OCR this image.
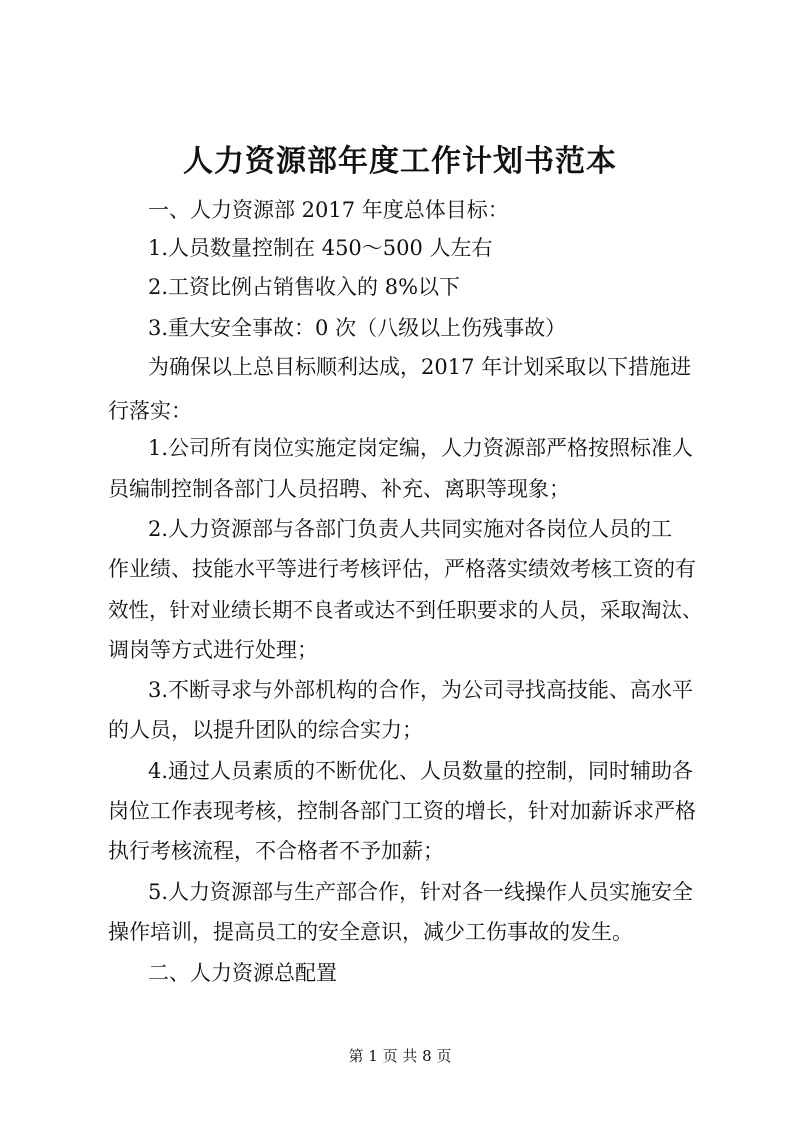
人力资源部年度工作计划书范本
一、人力资源部 2017 年度总体目标：
1.人员数量控制在 450～500 人左右
2.工资比例占销售收入的 8%以下
3.重大安全事故：0 次（八级以上伤残事故）
为确保以上总目标顺利达成，2017 年计划采取以下措施进
行落实：
1.公司所有岗位实施定岗定编，人力资源部严格按照标准人
员编制控制各部门人员招聘、补充、离职等现象；
2.人力资源部与各部门负责人共同实施对各岗位人员的工
作业绩、技能水平等进行考核评估，严格落实绩效考核工资的有
效性，针对业绩长期不良者或达不到任职要求的人员，采取淘汰、
调岗等方式进行处理；
3.不断寻求与外部机构的合作，为公司寻找高技能、高水平
的人员，以提升团队的综合实力；
4.通过人员素质的不断优化、人员数量的控制，同时辅助各
岗位工作表现考核，控制各部门工资的增长，针对加薪诉求严格
执行考核流程，不合格者不予加薪；
5.人力资源部与生产部合作，针对各一线操作人员实施安全
操作培训，提高员工的安全意识，减少工伤事故的发生。
二、人力资源总配置
第 1 页 共 8 页
